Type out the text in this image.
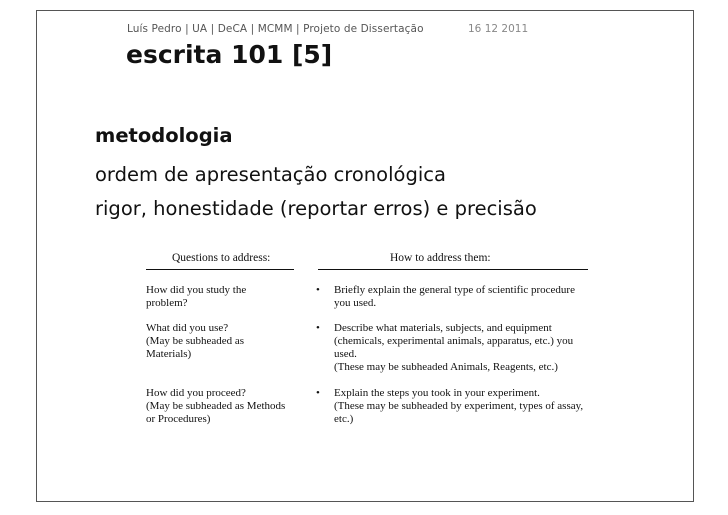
Luís Pedro | UA | DeCA | MCMM | Projeto de Dissertação	16 12 2011
escrita 101 [5]
metodologia
ordem de apresentação cronológica
rigor, honestidade (reportar erros) e precisão
Questions to address:	How to address them:
How did you study the
problem?
• Briefly explain the general type of scientific procedure
you used.
What did you use?
(May be subheaded as
Materials)
• Describe what materials, subjects, and equipment
(chemicals, experimental animals, apparatus, etc.) you
used.
(These may be subheaded Animals, Reagents, etc.)
How did you proceed?
(May be subheaded as Methods
or Procedures)
• Explain the steps you took in your experiment.
(These may be subheaded by experiment, types of assay,
etc.)
